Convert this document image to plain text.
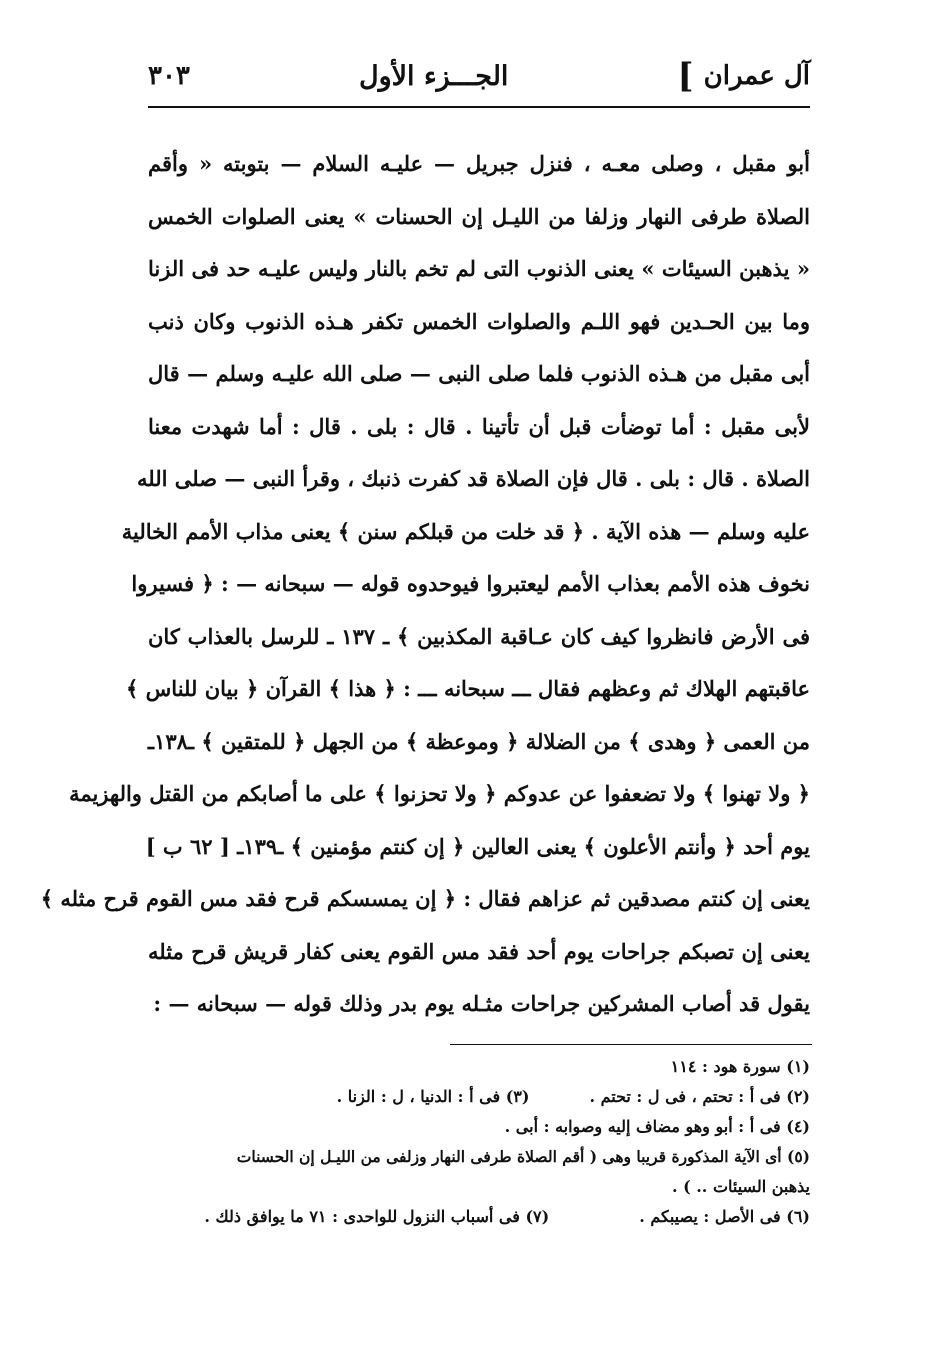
آل عمران
]
الجـــزء الأول
٣٠٣
أبو مقبل ، وصلى معـه ، فنزل جبريل — عليـه السلام — بتوبته « وأقم
الصلاة طرفى النهار وزلفا من الليـل إن الحسنات » يعنى الصلوات الخمس
« يذهبن السيئات » يعنى الذنوب التى لم تخم بالنار وليس عليـه حد فى الزنا
وما بين الحـدين فهو اللـم والصلوات الخمس تكفر هـذه الذنوب وكان ذنب
أبى مقبل من هـذه الذنوب فلما صلى النبى — صلى الله عليـه وسلم — قال
لأبى مقبل : أما توضأت قبل أن تأتينا . قال : بلى . قال : أما شهدت معنا
الصلاة . قال : بلى . قال فإن الصلاة قد كفرت ذنبك ، وقرأ النبى — صلى الله
عليه وسلم — هذه الآية . ﴿ قد خلت من قبلكم سنن ﴾ يعنى مذاب الأمم الخالية
نخوف هذه الأمم بعذاب الأمم ليعتبروا فيوحدوه قوله — سبحانه — : ﴿ فسيروا
فى الأرض فانظروا كيف كان عـاقبة المكذبين ﴾ ـ ١٣٧ ـ للرسل بالعذاب كان
عاقبتهم الهلاك ثم وعظهم فقال ـــ سبحانه ـــ : ﴿ هذا ﴾ القرآن ﴿ بيان للناس ﴾
من العمى ﴿ وهدى ﴾ من الضلالة ﴿ وموعظة ﴾ من الجهل ﴿ للمتقين ﴾ ـ١٣٨ـ
﴿ ولا تهنوا ﴾ ولا تضعفوا عن عدوكم ﴿ ولا تحزنوا ﴾ على ما أصابكم من القتل والهزيمة
يوم أحد ﴿ وأنتم الأعلون ﴾ يعنى العالين ﴿ إن كنتم مؤمنين ﴾ ـ١٣٩ـ [ ٦٢ ب ]
يعنى إن كنتم مصدقين ثم عزاهم فقال : ﴿ إن يمسسكم قرح فقد مس القوم قرح مثله ﴾
يعنى إن تصبكم جراحات يوم أحد فقد مس القوم يعنى كفار قريش قرح مثله
يقول قد أصاب المشركين جراحات مثـله يوم بدر وذلك قوله — سبحانه — :
(١) سورة هود : ١١٤
(٢) فى أ : تحتم ، فى ل : تحتم .
(٣) فى أ : الدنيا ، ل : الزنا .
(٤) فى أ : أبو وهو مضاف إليه وصوابه : أبى .
(٥) أى الآية المذكورة قريبا وهى ( أقم الصلاة طرفى النهار وزلفى من الليـل إن الحسنات
يذهبن السيئات .. ) .
(٦) فى الأصل : يصيبكم .
(٧) فى أسباب النزول للواحدى : ٧١ ما يوافق ذلك .
